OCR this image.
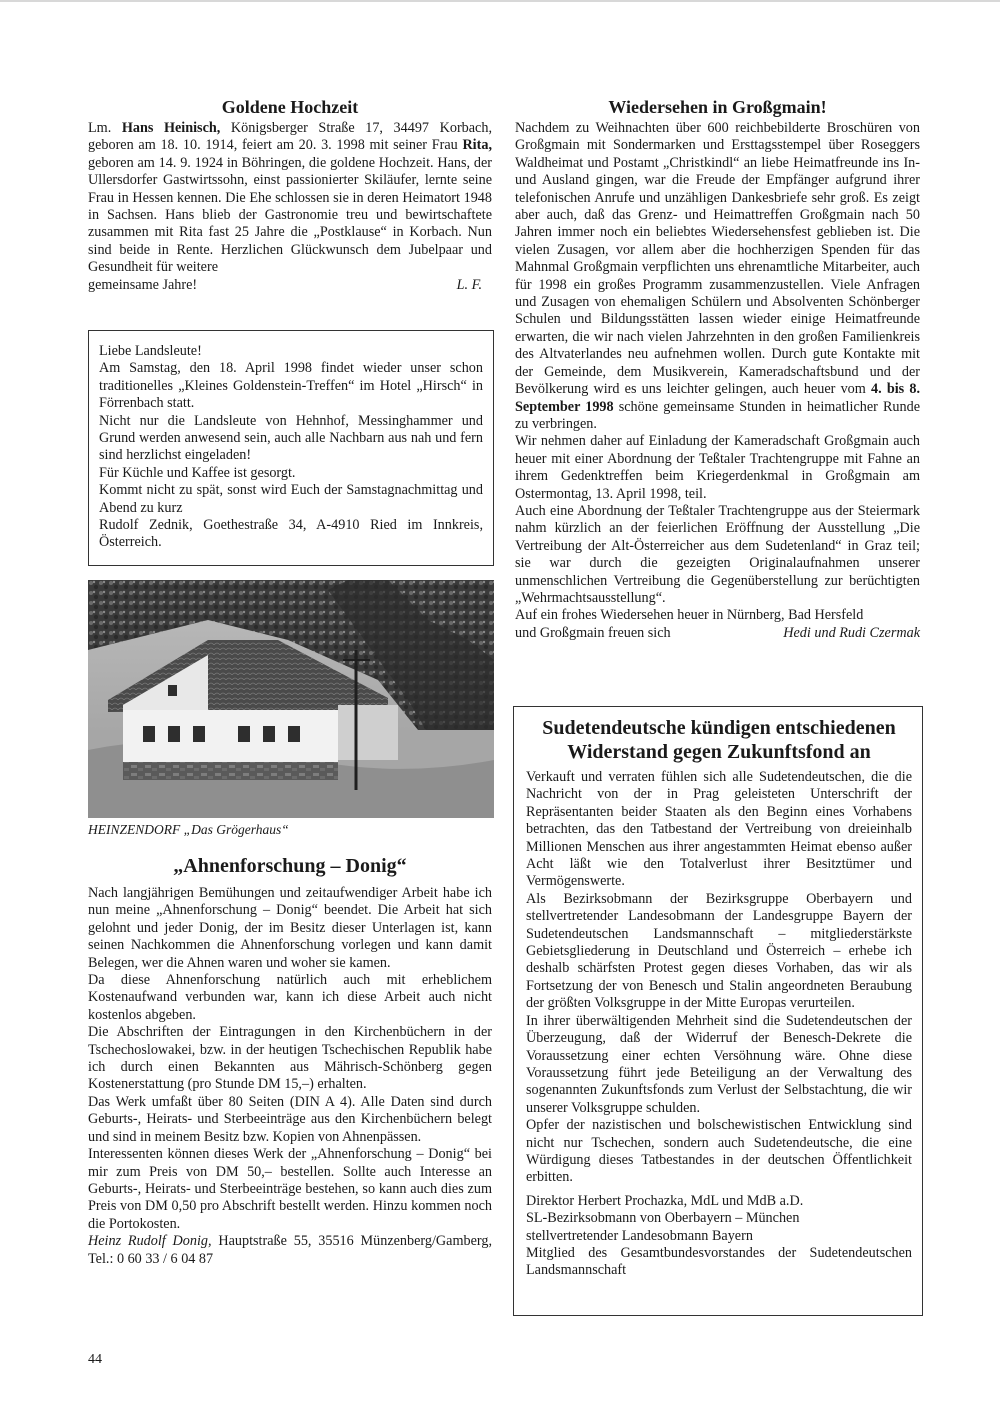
Goldene Hochzeit

Lm. Hans Heinisch, Königsberger Straße 17, 34497 Korbach, geboren am 18. 10. 1914, feiert am 20. 3. 1998 mit seiner Frau Rita, geboren am 14. 9. 1924 in Böhringen, die goldene Hochzeit. Hans, der Ullersdorfer Gastwirtssohn, einst passionierter Skiläufer, lernte seine Frau in Hessen kennen. Die Ehe schlossen sie in deren Heimatort 1948 in Sachsen. Hans blieb der Gastronomie treu und bewirtschaftete zusammen mit Rita fast 25 Jahre die „Postklause“ in Korbach. Nun sind beide in Rente. Herzlichen Glückwunsch dem Jubelpaar und Gesundheit für weitere

gemeinsame Jahre!	L. F.

Liebe Landsleute!

Am Samstag, den 18. April 1998 findet wieder unser schon traditionelles „Kleines Goldenstein-Treffen“ im Hotel „Hirsch“ in Förrenbach statt.

Nicht nur die Landsleute von Hehnhof, Messinghammer und Grund werden anwesend sein, auch alle Nachbarn aus nah und fern sind herzlichst eingeladen!

Für Küchle und Kaffee ist gesorgt.

Kommt nicht zu spät, sonst wird Euch der Samstagnachmittag und Abend zu kurz

Rudolf Zednik, Goethestraße 34, A-4910 Ried im Innkreis, Österreich.

HEINZENDORF „Das Grögerhaus“
„Ahnenforschung – Donig“

Nach langjährigen Bemühungen und zeitaufwendiger Arbeit habe ich nun meine „Ahnenforschung – Donig“ beendet. Die Arbeit hat sich gelohnt und jeder Donig, der im Besitz dieser Unterlagen ist, kann seinen Nachkommen die Ahnenforschung vorlegen und kann damit Belegen, wer die Ahnen waren und woher sie kamen.

Da diese Ahnenforschung natürlich auch mit erheblichem Kostenaufwand verbunden war, kann ich diese Arbeit auch nicht kostenlos abgeben.

Die Abschriften der Eintragungen in den Kirchenbüchern in der Tschechoslowakei, bzw. in der heutigen Tschechischen Republik habe ich durch einen Bekannten aus Mährisch-Schönberg gegen Kostenerstattung (pro Stunde DM 15,–) erhalten.

Das Werk umfaßt über 80 Seiten (DIN A 4). Alle Daten sind durch Geburts-, Heirats- und Sterbeeinträge aus den Kirchenbüchern belegt und sind in meinem Besitz bzw. Kopien von Ahnenpässen.

Interessenten können dieses Werk der „Ahnenforschung – Donig“ bei mir zum Preis von DM 50,– bestellen. Sollte auch Interesse an Geburts-, Heirats- und Sterbeeinträge bestehen, so kann auch dies zum Preis von DM 0,50 pro Abschrift bestellt werden. Hinzu kommen noch die Portokosten.

Heinz Rudolf Donig, Hauptstraße 55, 35516 Münzenberg/Gamberg, Tel.: 0 60 33 / 6 04 87

Wiedersehen in Großgmain!

Nachdem zu Weihnachten über 600 reichbebilderte Broschüren von Großgmain mit Sondermarken und Ersttagsstempel über Roseggers Waldheimat und Postamt „Christkindl“ an liebe Heimatfreunde ins In- und Ausland gingen, war die Freude der Empfänger aufgrund ihrer telefonischen Anrufe und unzähligen Dankesbriefe sehr groß. Es zeigt aber auch, daß das Grenz- und Heimattreffen Großgmain nach 50 Jahren immer noch ein beliebtes Wiedersehensfest geblieben ist. Die vielen Zusagen, vor allem aber die hochherzigen Spenden für das Mahnmal Großgmain verpflichten uns ehrenamtliche Mitarbeiter, auch für 1998 ein großes Programm zusammenzustellen. Viele Anfragen und Zusagen von ehemaligen Schülern und Absolventen Schönberger Schulen und Bildungsstätten lassen wieder einige Heimatfreunde erwarten, die wir nach vielen Jahrzehnten in den großen Familienkreis des Altvaterlandes neu aufnehmen wollen. Durch gute Kontakte mit der Gemeinde, dem Musikverein, Kameradschaftsbund und der Bevölkerung wird es uns leichter gelingen, auch heuer vom 4. bis 8. September 1998 schöne gemeinsame Stunden in heimatlicher Runde zu verbringen.

Wir nehmen daher auf Einladung der Kameradschaft Großgmain auch heuer mit einer Abordnung der Teßtaler Trachtengruppe mit Fahne an ihrem Gedenktreffen beim Kriegerdenkmal in Großgmain am Ostermontag, 13. April 1998, teil.

Auch eine Abordnung der Teßtaler Trachtengruppe aus der Steiermark nahm kürzlich an der feierlichen Eröffnung der Ausstellung „Die Vertreibung der Alt-Österreicher aus dem Sudetenland“ in Graz teil; sie war durch die gezeigten Originalaufnahmen unserer unmenschlichen Vertreibung die Gegenüberstellung zur berüchtigten „Wehrmachtsausstellung“.

Auf ein frohes Wiedersehen heuer in Nürnberg, Bad Hersfeld

und Großgmain freuen sich	Hedi und Rudi Czermak
Sudetendeutsche kündigen entschiedenen Widerstand gegen Zukunftsfond an

Verkauft und verraten fühlen sich alle Sudetendeutschen, die die Nachricht von der in Prag geleisteten Unterschrift der Repräsentanten beider Staaten als den Beginn eines Vorhabens betrachten, das den Tatbestand der Vertreibung von dreieinhalb Millionen Menschen aus ihrer angestammten Heimat ebenso außer Acht läßt wie den Totalverlust ihrer Besitztümer und Vermögenswerte.

Als Bezirksobmann der Bezirksgruppe Oberbayern und stellvertretender Landesobmann der Landesgruppe Bayern der Sudetendeutschen Landsmannschaft – mitgliederstärkste Gebietsgliederung in Deutschland und Österreich – erhebe ich deshalb schärfsten Protest gegen dieses Vorhaben, das wir als Fortsetzung der von Benesch und Stalin angeordneten Beraubung der größten Volksgruppe in der Mitte Europas verurteilen.

In ihrer überwältigenden Mehrheit sind die Sudetendeutschen der Überzeugung, daß der Widerruf der Benesch-Dekrete die Voraussetzung einer echten Versöhnung wäre. Ohne diese Voraussetzung führt jede Beteiligung an der Verwaltung des sogenannten Zukunftsfonds zum Verlust der Selbstachtung, die wir unserer Volksgruppe schulden.

Opfer der nazistischen und bolschewistischen Entwicklung sind nicht nur Tschechen, sondern auch Sudetendeutsche, die eine Würdigung dieses Tatbestandes in der deutschen Öffentlichkeit erbitten.

Direktor Herbert Prochazka, MdL und MdB a.D.

SL-Bezirksobmann von Oberbayern – München

stellvertretender Landesobmann Bayern

Mitglied des Gesamtbundesvorstandes der Sudetendeutschen Landsmannschaft

44
